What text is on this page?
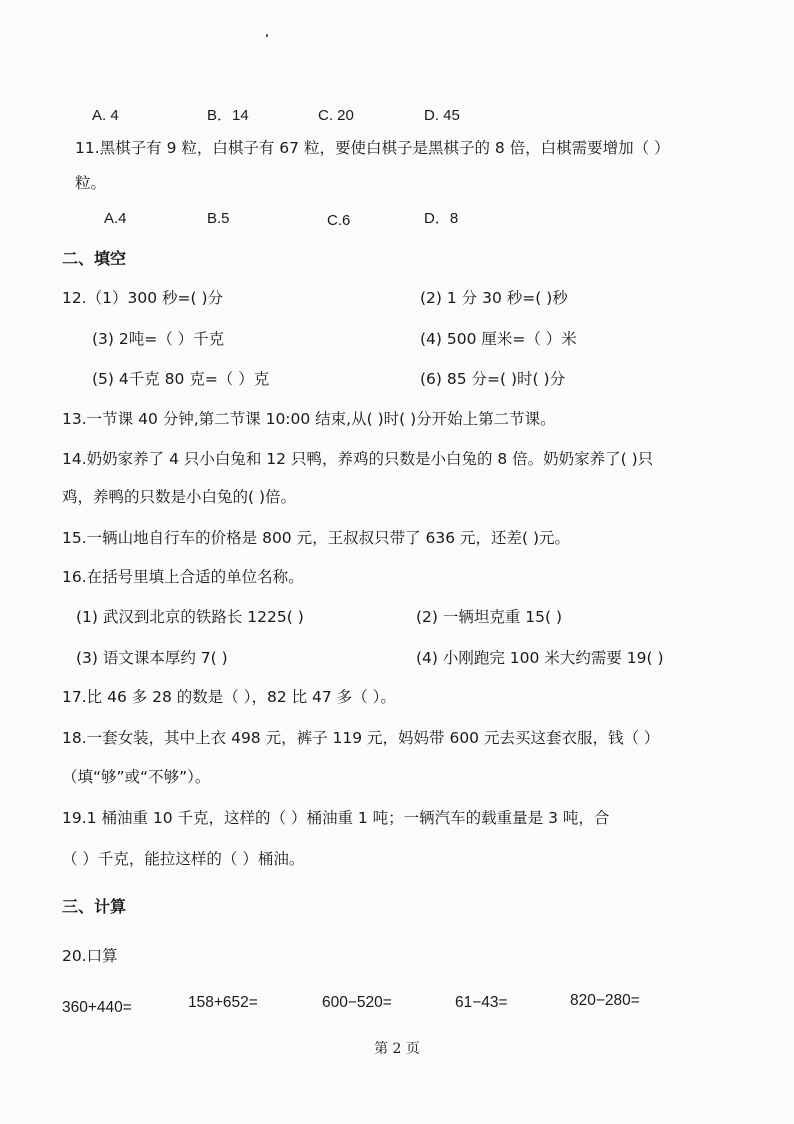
A. 4	B．14	C. 20	D. 45
11.黑棋子有 9 粒，白棋子有 67 粒，要使白棋子是黑棋子的 8 倍，白棋需要增加（ ）
粒。
A.4	B.5	C.6	D．8
二、填空
12.（1）300 秒=( )分	(2) 1 分 30 秒=( )秒
(3) 2吨=（ ）千克	(4) 500 厘米=（ ）米
(5) 4千克 80 克=（ ）克	(6) 85 分=( )时( )分
13.一节课 40 分钟,第二节课 10:00 结束,从( )时( )分开始上第二节课。
14.奶奶家养了 4 只小白兔和 12 只鸭，养鸡的只数是小白兔的 8 倍。奶奶家养了( )只
鸡，养鸭的只数是小白兔的( )倍。
15.一辆山地自行车的价格是 800 元，王叔叔只带了 636 元，还差( )元。
16.在括号里填上合适的单位名称。
(1) 武汉到北京的铁路长 1225( )	(2) 一辆坦克重 15( )
(3) 语文课本厚约 7( )	(4) 小刚跑完 100 米大约需要 19( )
17.比 46 多 28 的数是（ ），82 比 47 多（ ）。
18.一套女装，其中上衣 498 元，裤子 119 元，妈妈带 600 元去买这套衣服，钱（ ）
（填“够”或“不够”）。
19.1 桶油重 10 千克，这样的（ ）桶油重 1 吨；一辆汽车的载重量是 3 吨，合
（ ）千克，能拉这样的（ ）桶油。
三、计算
20.口算
360+440=	158+652=	600−520=	61−43=	820−280=
第 2 页
